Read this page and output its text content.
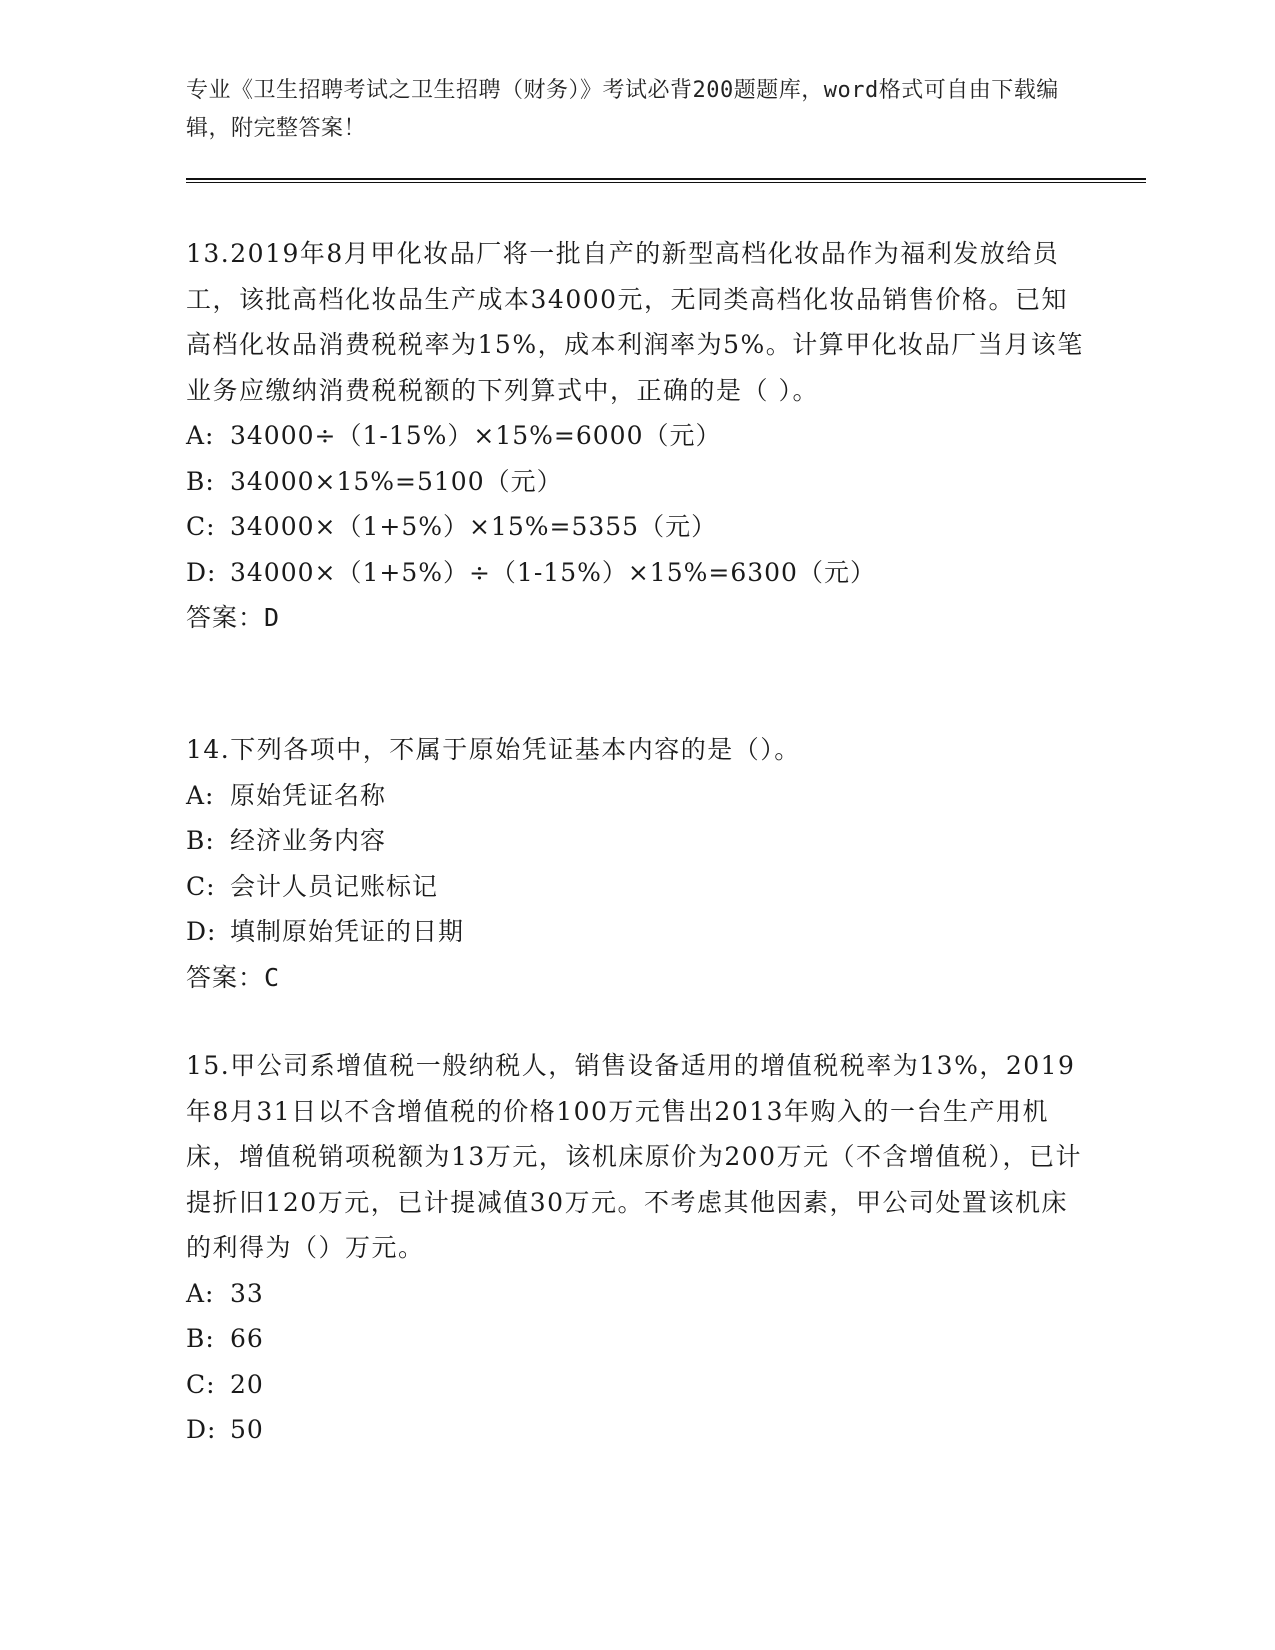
专业《卫生招聘考试之卫生招聘（财务）》考试必背200题题库，word格式可自由下载编辑，附完整答案！

13.2019年8月甲化妆品厂将一批自产的新型高档化妆品作为福利发放给员工，该批高档化妆品生产成本34000元，无同类高档化妆品销售价格。已知高档化妆品消费税税率为15%，成本利润率为5%。计算甲化妆品厂当月该笔业务应缴纳消费税税额的下列算式中，正确的是（ ）。

A: 34000÷（1-15%）×15%=6000（元）
B: 34000×15%=5100（元）
C: 34000×（1+5%）×15%=5355（元）
D: 34000×（1+5%）÷（1-15%）×15%=6300（元）
答案：D

14.下列各项中，不属于原始凭证基本内容的是（）。

A: 原始凭证名称
B: 经济业务内容
C: 会计人员记账标记
D: 填制原始凭证的日期
答案：C

15.甲公司系增值税一般纳税人，销售设备适用的增值税税率为13%，2019年8月31日以不含增值税的价格100万元售出2013年购入的一台生产用机床，增值税销项税额为13万元，该机床原价为200万元（不含增值税），已计提折旧120万元，已计提减值30万元。不考虑其他因素，甲公司处置该机床的利得为（）万元。

A: 33
B: 66
C: 20
D: 50
